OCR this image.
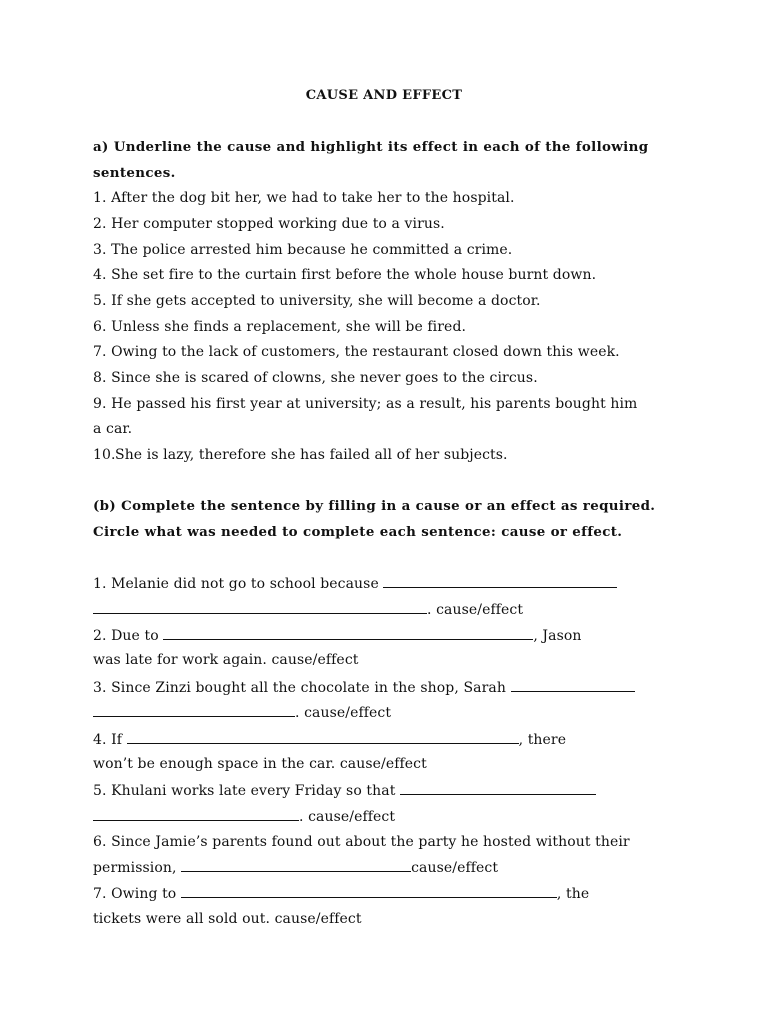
CAUSE AND EFFECT
a) Underline the cause and highlight its effect in each of the following
sentences.
1. After the dog bit her, we had to take her to the hospital.
2. Her computer stopped working due to a virus.
3. The police arrested him because he committed a crime.
4. She set fire to the curtain first before the whole house burnt down.
5. If she gets accepted to university, she will become a doctor.
6. Unless she finds a replacement, she will be fired.
7. Owing to the lack of customers, the restaurant closed down this week.
8. Since she is scared of clowns, she never goes to the circus.
9. He passed his first year at university; as a result, his parents bought him
a car.
10.She is lazy, therefore she has failed all of her subjects.
(b) Complete the sentence by filling in a cause or an effect as required.
Circle what was needed to complete each sentence: cause or effect.
1. Melanie did not go to school because
. cause/effect
2. Due to	, Jason
was late for work again. cause/effect
3. Since Zinzi bought all the chocolate in the shop, Sarah
. cause/effect
4. If	, there
won’t be enough space in the car. cause/effect
5. Khulani works late every Friday so that
. cause/effect
6. Since Jamie’s parents found out about the party he hosted without their
permission,	cause/effect
7. Owing to	, the
tickets were all sold out. cause/effect
